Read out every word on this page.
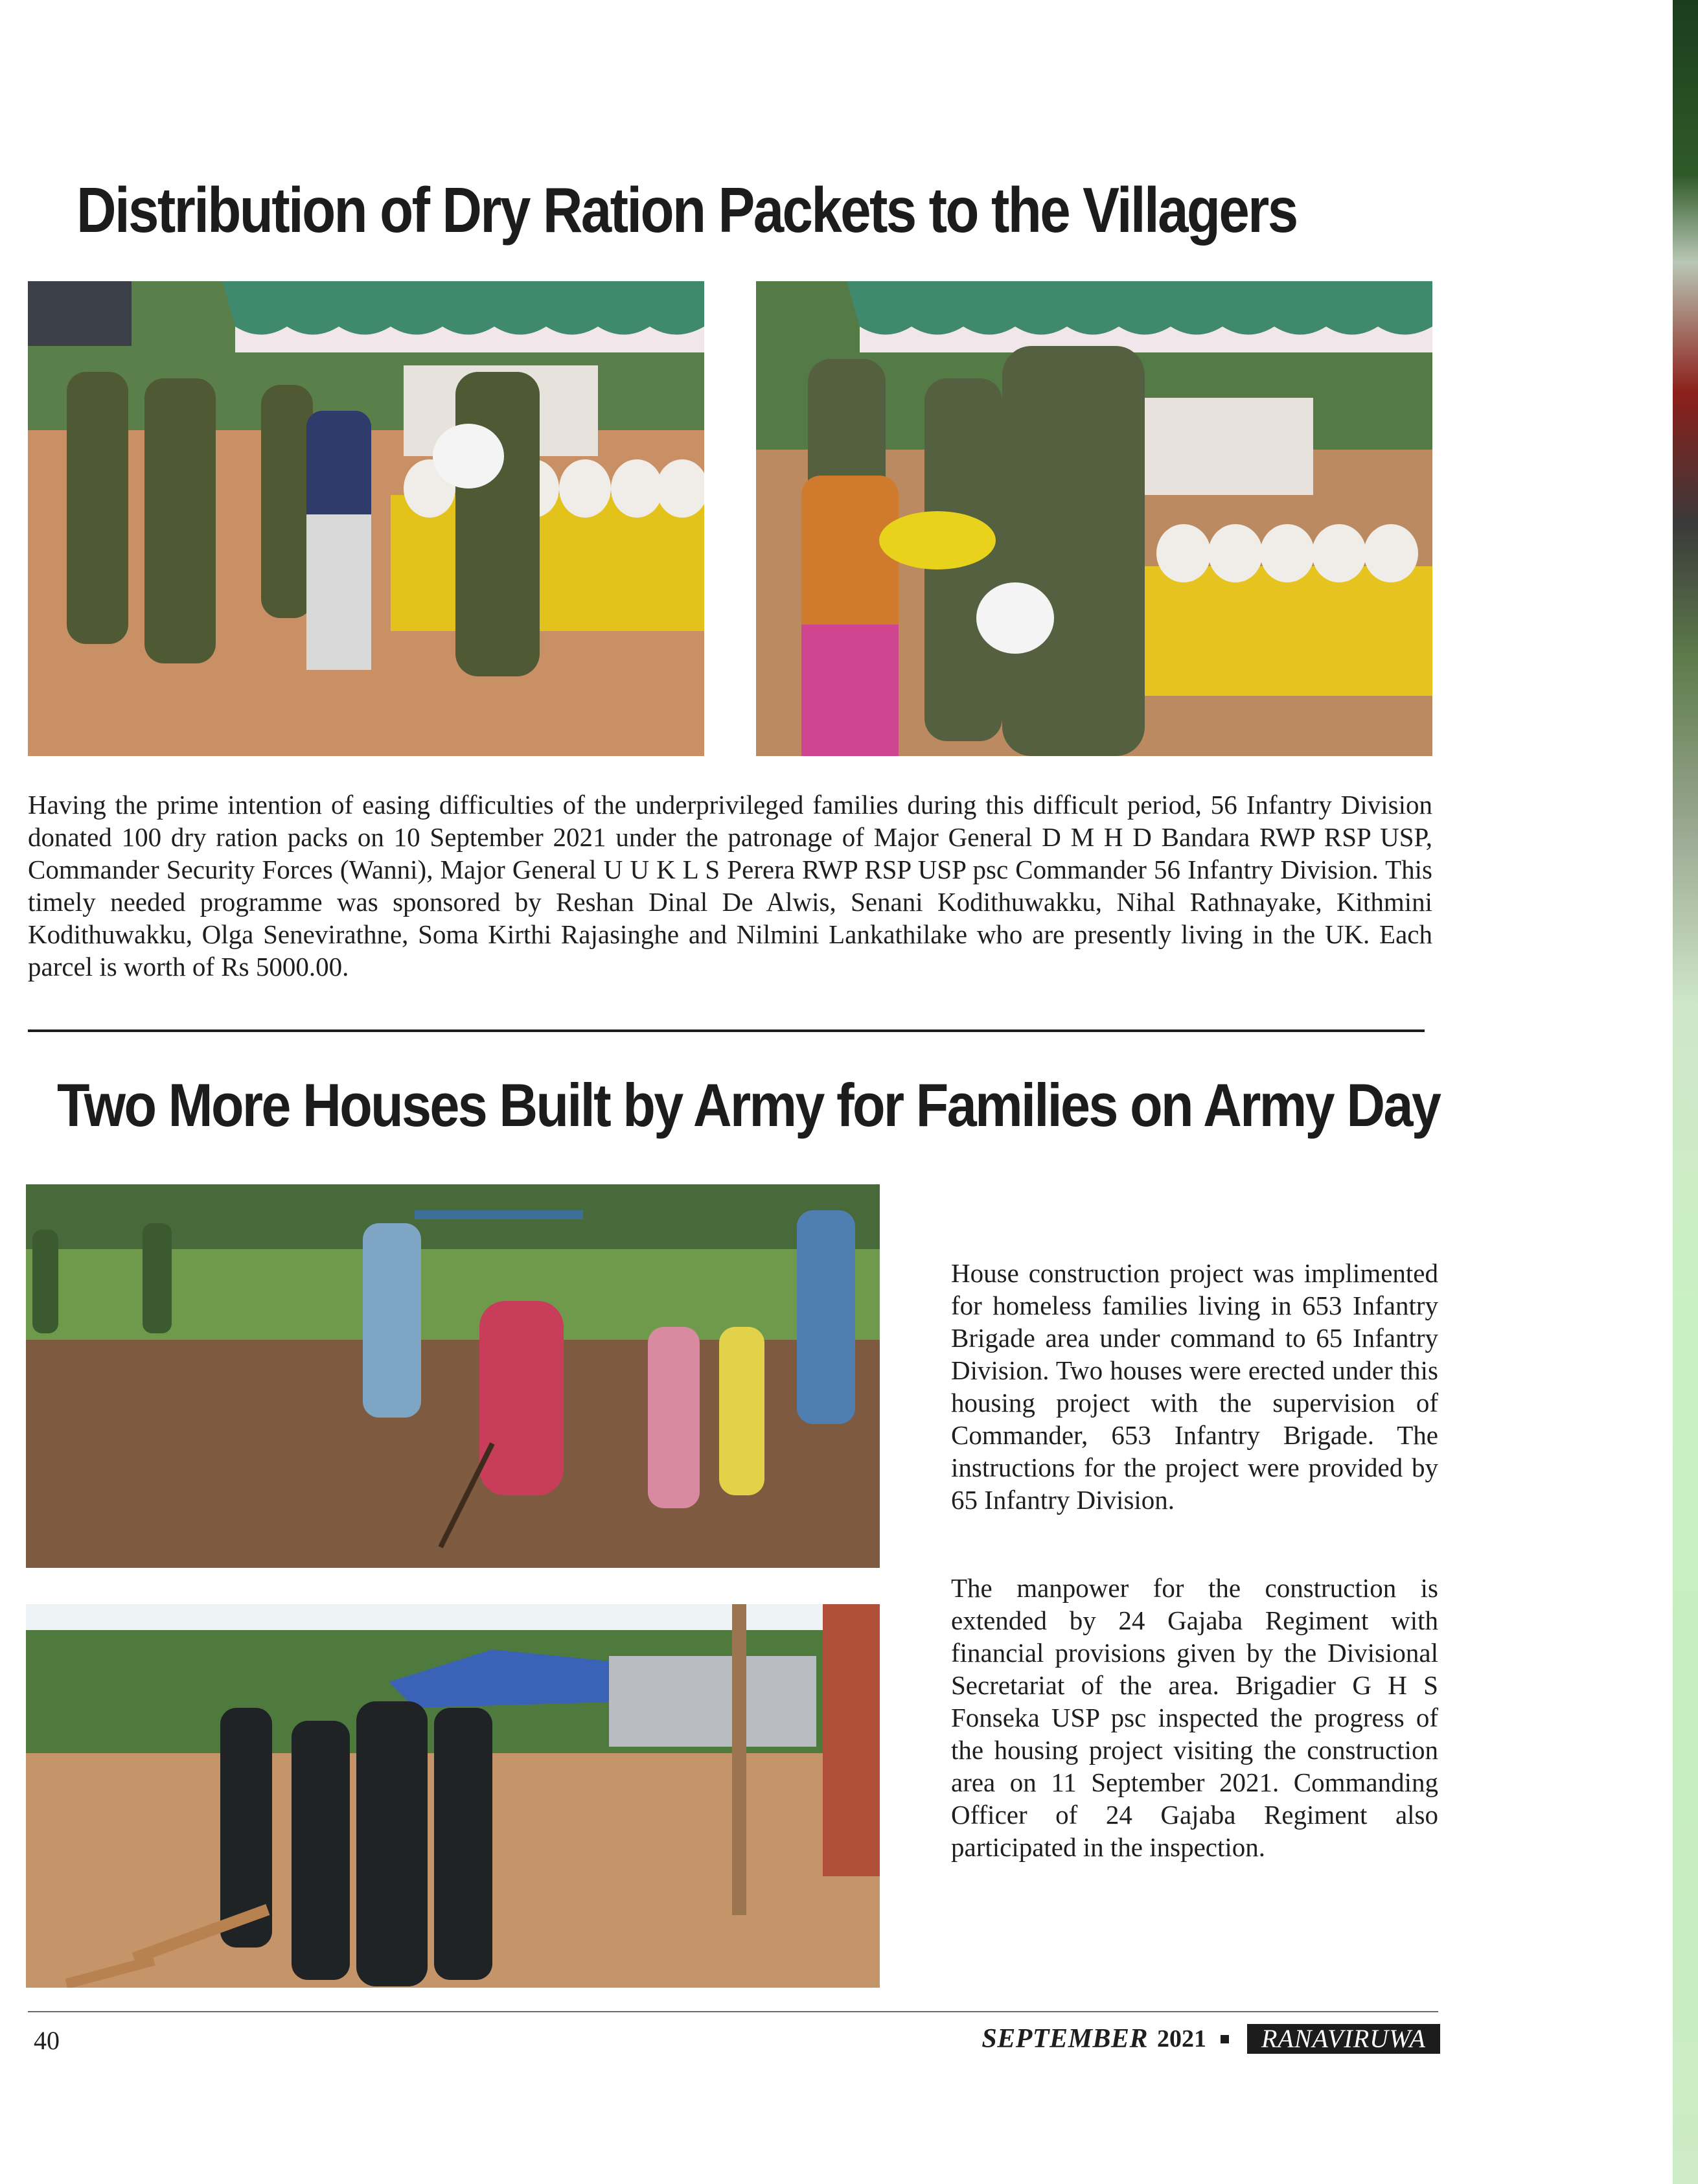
Distribution of Dry Ration Packets to the Villagers

Having the prime intention of easing difficulties of the underprivileged families during this difficult period, 56 Infantry Division donated 100 dry ration packs on 10 September 2021 under the patronage of Major General D M H D Bandara RWP RSP USP, Commander Security Forces (Wanni), Major General U U K L S Perera RWP RSP USP psc Commander 56 Infantry Division. This timely needed programme was sponsored by Reshan Dinal De Alwis, Senani Kodithuwakku, Nihal Rathnayake, Kithmini Kodithuwakku, Olga Senevirathne, Soma Kirthi Rajasinghe and Nilmini Lankathilake who are presently living in the UK. Each parcel is worth of Rs 5000.00.

Two More Houses Built by Army for Families on Army Day

House construction project was implimented for homeless families living in 653 Infantry Brigade area under command to 65 Infantry Division. Two houses were erected under this housing project with the supervision of Commander, 653 Infantry Brigade. The instructions for the project were provided by 65 Infantry Division.

The manpower for the construction is extended by 24 Gajaba Regiment with financial provisions given by the Divisional Secretariat of the area. Brigadier G H S Fonseka USP psc inspected the progress of the housing project visiting the construction area on 11 September 2021. Commanding Officer of 24 Gajaba Regiment also participated in the inspection.

40	SEPTEMBER 2021	RANAVIRUWA
